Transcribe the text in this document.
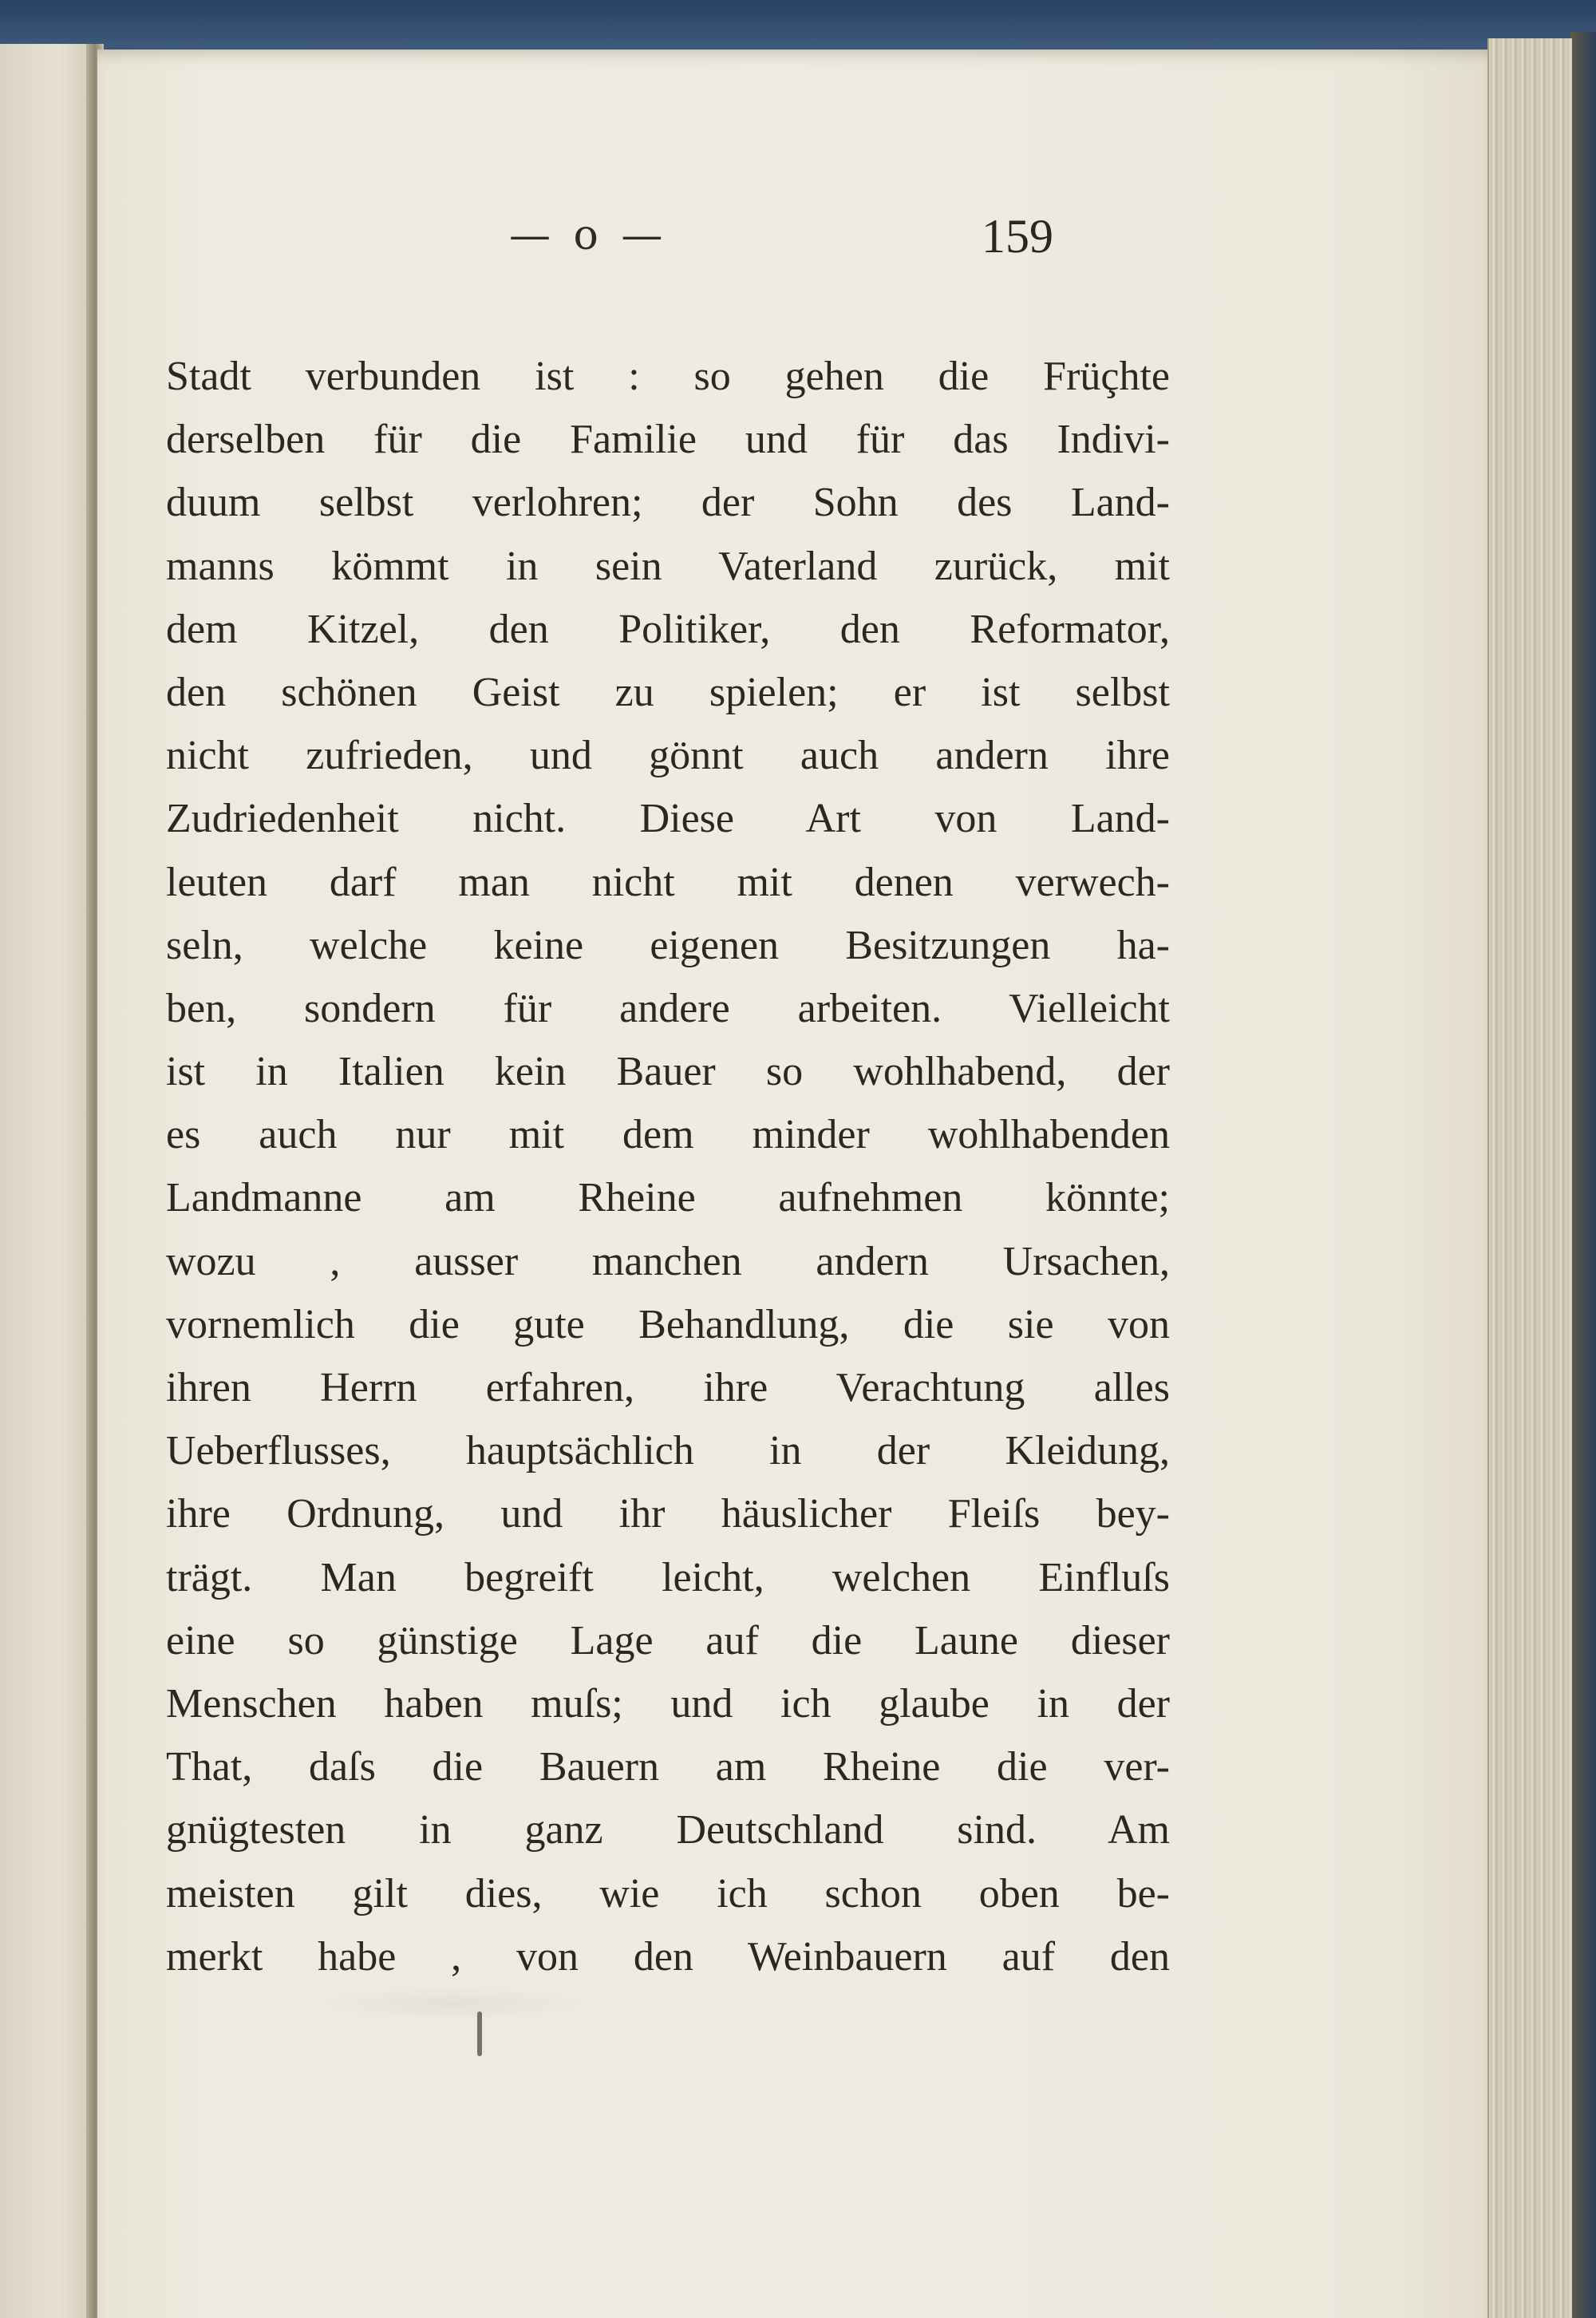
— o —	159
Stadt verbunden ist : so gehen die Früçhte
derselben für die Familie und für das Indivi-
duum selbst verlohren; der Sohn des Land-
manns kömmt in sein Vaterland zurück, mit
dem Kitzel, den Politiker, den Reformator,
den schönen Geist zu spielen; er ist selbst
nicht zufrieden, und gönnt auch andern ihre
Zudriedenheit nicht. Diese Art von Land-
leuten darf man nicht mit denen verwech-
seln, welche keine eigenen Besitzungen ha-
ben, sondern für andere arbeiten. Vielleicht
ist in Italien kein Bauer so wohlhabend, der
es auch nur mit dem minder wohlhabenden
Landmanne am Rheine aufnehmen könnte;
wozu , ausser manchen andern Ursachen,
vornemlich die gute Behandlung, die sie von
ihren Herrn erfahren, ihre Verachtung alles
Ueberflusses, hauptsächlich in der Kleidung,
ihre Ordnung, und ihr häuslicher Fleiſs bey-
trägt. Man begreift leicht, welchen Einfluſs
eine so günstige Lage auf die Laune dieser
Menschen haben muſs; und ich glaube in der
That, daſs die Bauern am Rheine die ver-
gnügtesten in ganz Deutschland sind. Am
meisten gilt dies, wie ich schon oben be-
merkt habe , von den Weinbauern auf den
